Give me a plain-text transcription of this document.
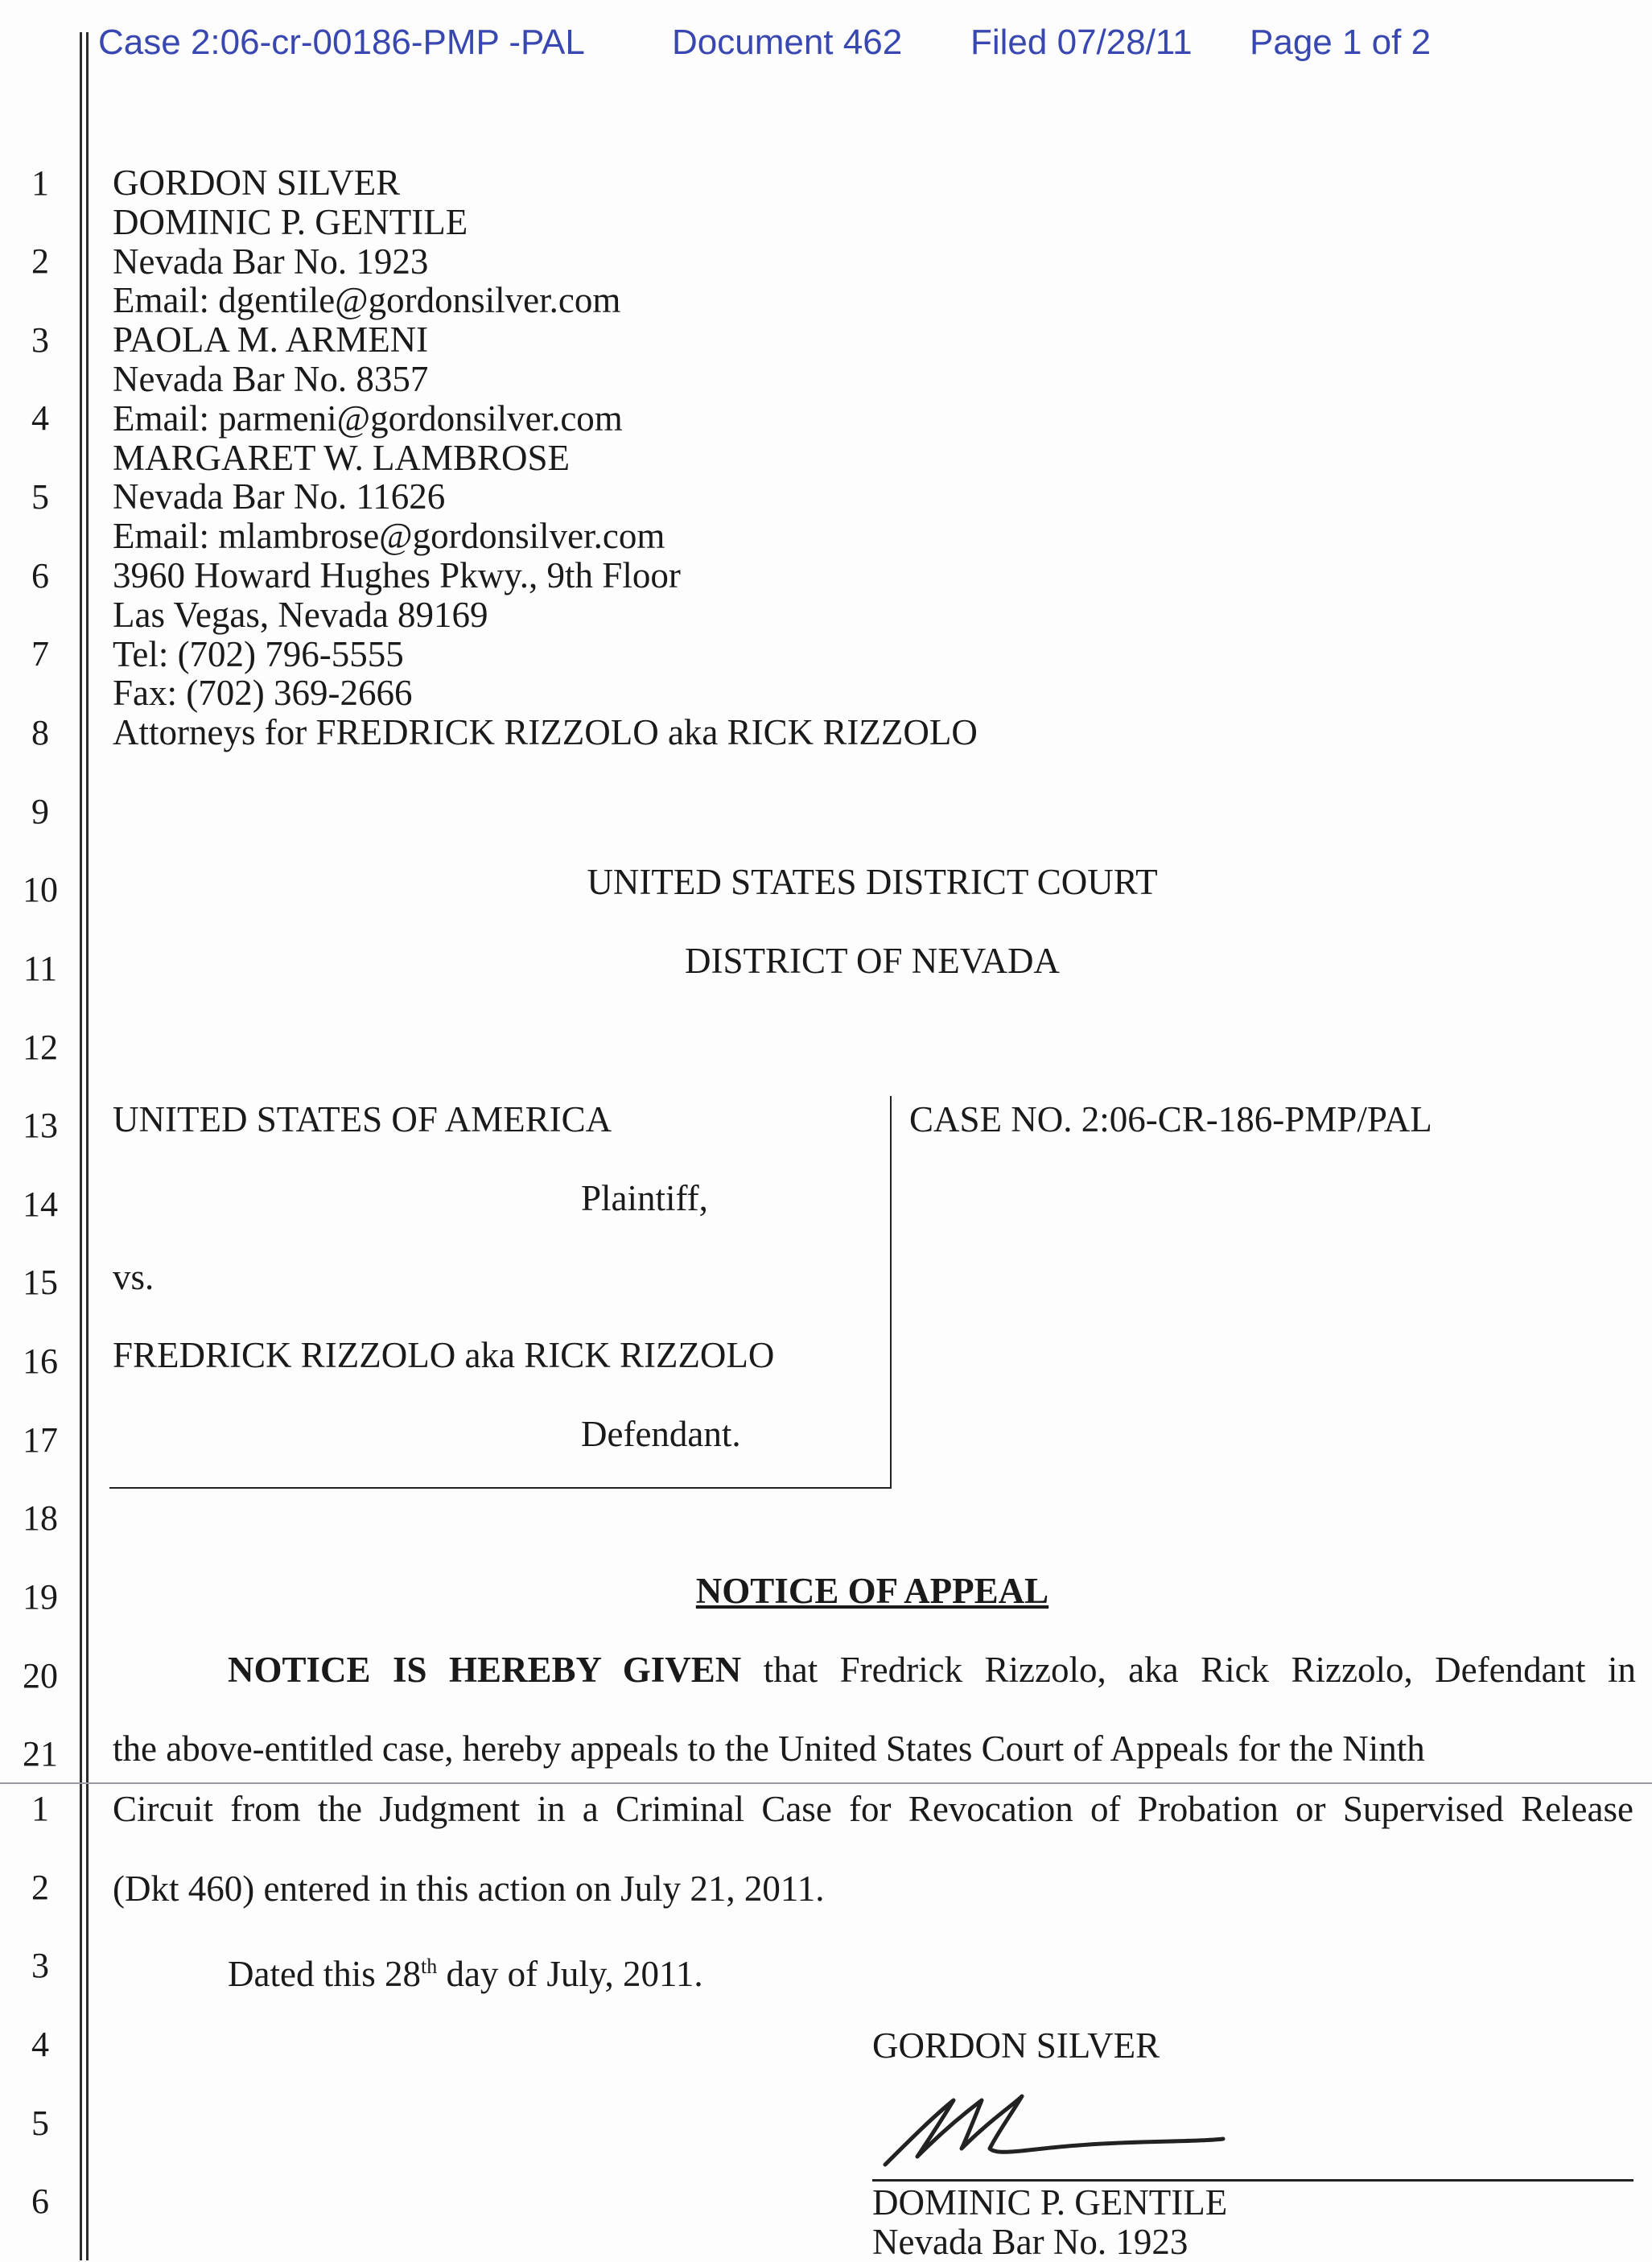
Case 2:06-cr-00186-PMP -PAL Document 462 Filed 07/28/11 Page 1 of 2
1
2
3
4
5
6
7
8
9
10
11
12
13
14
15
16
17
18
19
20
21
1
2
3
4
5
6
GORDON SILVER
DOMINIC P. GENTILE
Nevada Bar No. 1923
Email: dgentile@gordonsilver.com
PAOLA M. ARMENI
Nevada Bar No. 8357
Email: parmeni@gordonsilver.com
MARGARET W. LAMBROSE
Nevada Bar No. 11626
Email: mlambrose@gordonsilver.com
3960 Howard Hughes Pkwy., 9th Floor
Las Vegas, Nevada 89169
Tel: (702) 796-5555
Fax: (702) 369-2666
Attorneys for FREDRICK RIZZOLO aka RICK RIZZOLO
UNITED STATES DISTRICT COURT
DISTRICT OF NEVADA
UNITED STATES OF AMERICA
Plaintiff,
vs.
FREDRICK RIZZOLO aka RICK RIZZOLO
Defendant.
CASE NO. 2:06-CR-186-PMP/PAL
NOTICE OF APPEAL
NOTICE IS HEREBY GIVEN that Fredrick Rizzolo, aka Rick Rizzolo, Defendant in
the above-entitled case, hereby appeals to the United States Court of Appeals for the Ninth
Circuit from the Judgment in a Criminal Case for Revocation of Probation or Supervised Release
(Dkt 460) entered in this action on July 21, 2011.
Dated this 28th day of July, 2011.
GORDON SILVER
DOMINIC P. GENTILE
Nevada Bar No. 1923
